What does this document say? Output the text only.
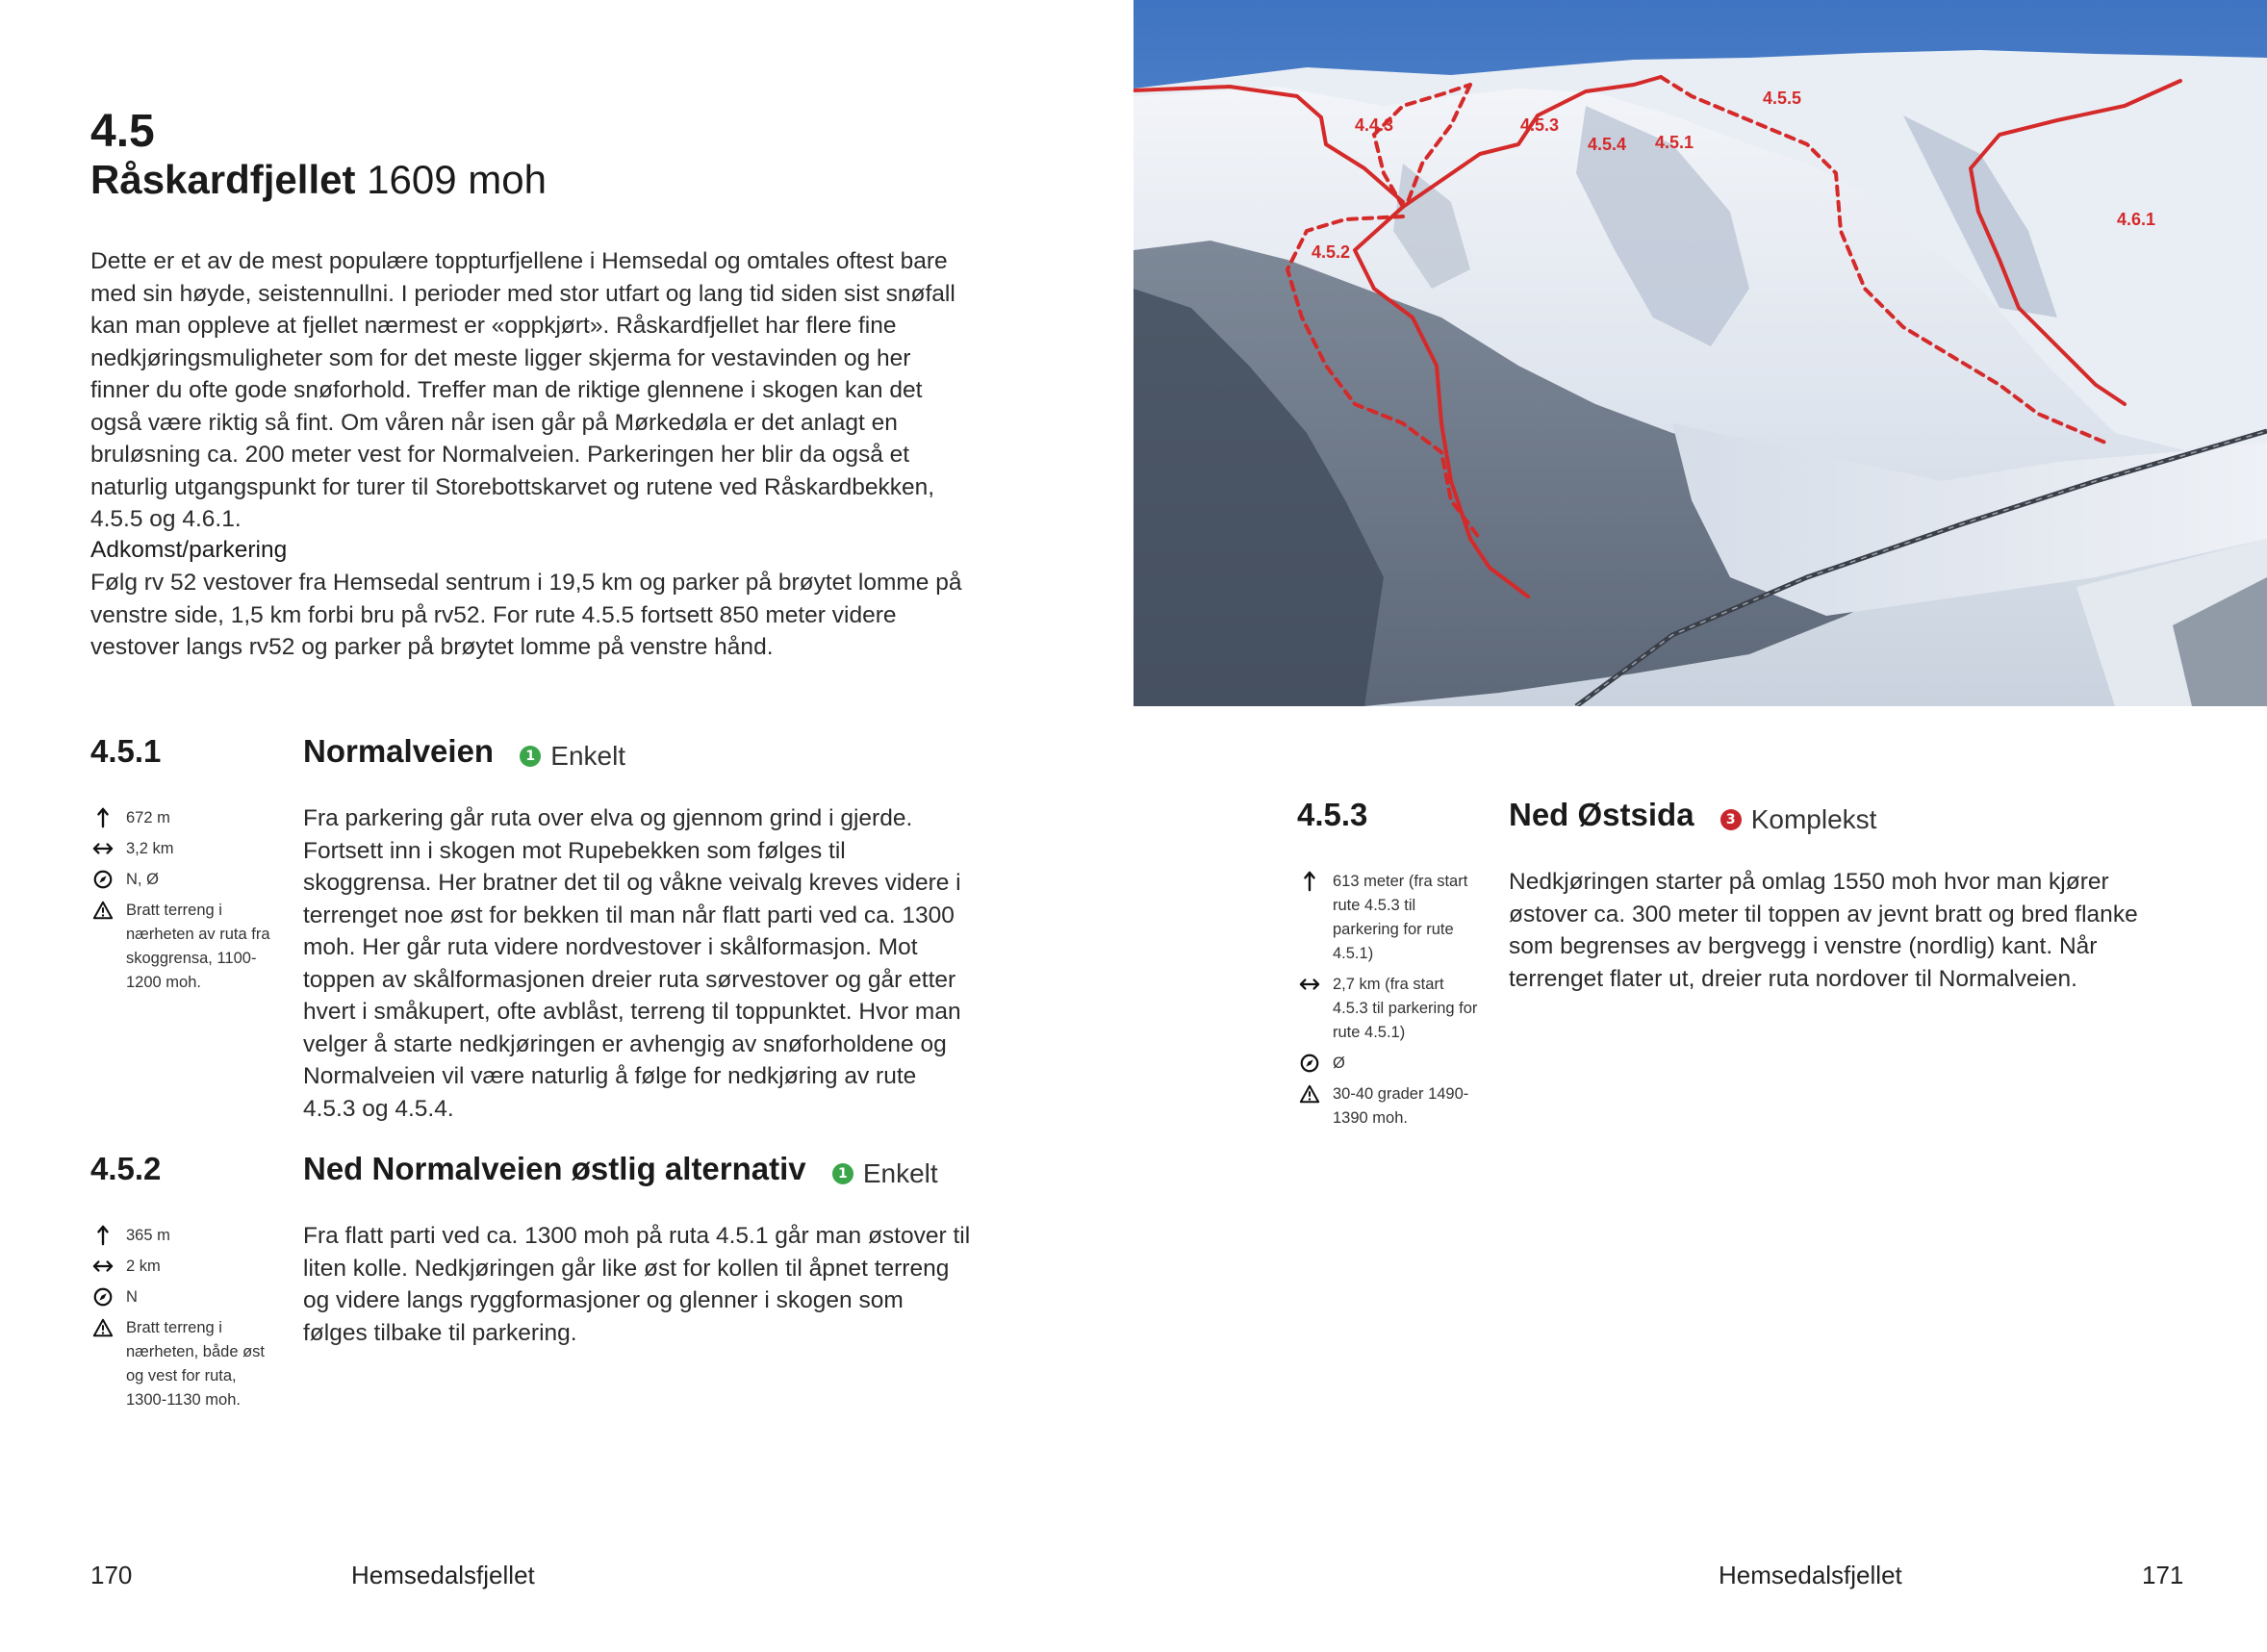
4.5
Råskardfjellet 1609 moh
Dette er et av de mest populære toppturfjellene i Hemsedal og omtales oftest bare med sin høyde, seistennullni. I perioder med stor utfart og lang tid siden sist snøfall kan man oppleve at fjellet nærmest er «oppkjørt». Råskardfjellet har flere fine nedkjøringsmuligheter som for det meste ligger skjerma for vestavinden og her finner du ofte gode snøforhold. Treffer man de riktige glennene i skogen kan det også være riktig så fint. Om våren når isen går på Mørkedøla er det anlagt en bruløsning ca. 200 meter vest for Normalveien. Parkeringen her blir da også et naturlig utgangspunkt for turer til Storebottskarvet og rutene ved Råskardbekken, 4.5.5 og 4.6.1.
Adkomst/parkering
Følg rv 52 vestover fra Hemsedal sentrum i 19,5 km og parker på brøytet lomme på venstre side, 1,5 km forbi bru på rv52. For rute 4.5.5 fortsett 850 meter videre vestover langs rv52 og parker på brøytet lomme på venstre hånd.
4.5.1	Normalveien	1 Enkelt
672 m
3,2 km
N, Ø
Bratt terreng i nærheten av ruta fra skoggrensa, 1100-1200 moh.
Fra parkering går ruta over elva og gjennom grind i gjerde. Fortsett inn i skogen mot Rupebekken som følges til skoggrensa. Her bratner det til og våkne veivalg kreves videre i terrenget noe øst for bekken til man når flatt parti ved ca. 1300 moh. Her går ruta videre nordvestover i skålformasjon. Mot toppen av skålformasjonen dreier ruta sørvestover og går etter hvert i småkupert, ofte avblåst, terreng til toppunktet. Hvor man velger å starte nedkjøringen er avhengig av snøforholdene og Normalveien vil være naturlig å følge for nedkjøring av rute 4.5.3 og 4.5.4.
4.5.2	Ned Normalveien østlig alternativ	1 Enkelt
365 m
2 km
N
Bratt terreng i nærheten, både øst og vest for ruta, 1300-1130 moh.
Fra flatt parti ved ca. 1300 moh på ruta 4.5.1 går man østover til liten kolle. Nedkjøringen går like øst for kollen til åpnet terreng og videre langs ryggformasjoner og glenner i skogen som følges tilbake til parkering.
170	Hemsedalsfjellet
4.4.3	4.5.3
4.5.4 4.5.1
4.5.5
4.5.2
4.6.1
4.5.3	Ned Østsida	3 Komplekst
613 meter (fra start rute 4.5.3 til parkering for rute 4.5.1)
2,7 km (fra start 4.5.3 til parkering for rute 4.5.1)
Ø
30-40 grader 1490-1390 moh.
Nedkjøringen starter på omlag 1550 moh hvor man kjører østover ca. 300 meter til toppen av jevnt bratt og bred flanke som begrenses av bergvegg i venstre (nordlig) kant. Når terrenget flater ut, dreier ruta nordover til Normalveien.
Hemsedalsfjellet	171
